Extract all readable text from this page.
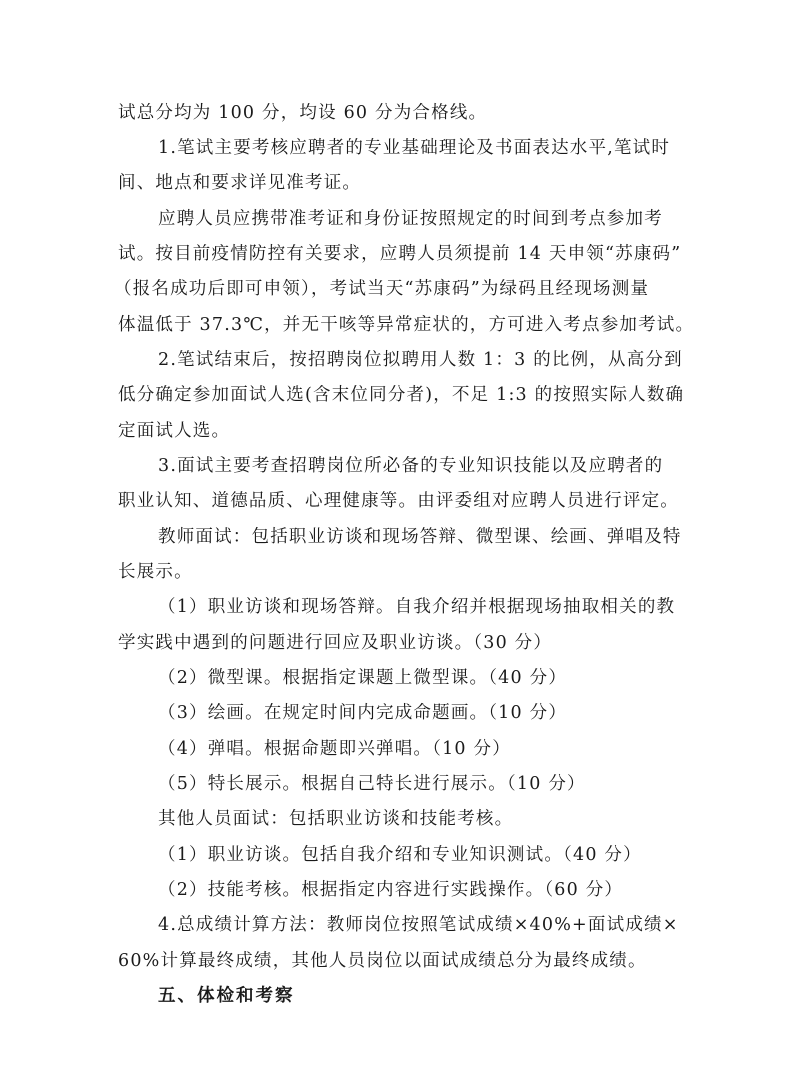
试总分均为 100 分，均设 60 分为合格线。
1.笔试主要考核应聘者的专业基础理论及书面表达水平,笔试时
间、地点和要求详见准考证。
应聘人员应携带准考证和身份证按照规定的时间到考点参加考
试。按目前疫情防控有关要求，应聘人员须提前 14 天申领“苏康码”
（报名成功后即可申领），考试当天“苏康码”为绿码且经现场测量
体温低于 37.3℃，并无干咳等异常症状的，方可进入考点参加考试。
2.笔试结束后，按招聘岗位拟聘用人数 1：3 的比例，从高分到
低分确定参加面试人选(含末位同分者)，不足 1:3 的按照实际人数确
定面试人选。
3.面试主要考查招聘岗位所必备的专业知识技能以及应聘者的
职业认知、道德品质、心理健康等。由评委组对应聘人员进行评定。
教师面试：包括职业访谈和现场答辩、微型课、绘画、弹唱及特
长展示。
（1）职业访谈和现场答辩。自我介绍并根据现场抽取相关的教
学实践中遇到的问题进行回应及职业访谈。（30 分）
（2）微型课。根据指定课题上微型课。（40 分）
（3）绘画。在规定时间内完成命题画。（10 分）
（4）弹唱。根据命题即兴弹唱。（10 分）
（5）特长展示。根据自己特长进行展示。（10 分）
其他人员面试：包括职业访谈和技能考核。
（1）职业访谈。包括自我介绍和专业知识测试。（40 分）
（2）技能考核。根据指定内容进行实践操作。（60 分）
4.总成绩计算方法：教师岗位按照笔试成绩×40%+面试成绩×
60%计算最终成绩，其他人员岗位以面试成绩总分为最终成绩。
五、体检和考察
